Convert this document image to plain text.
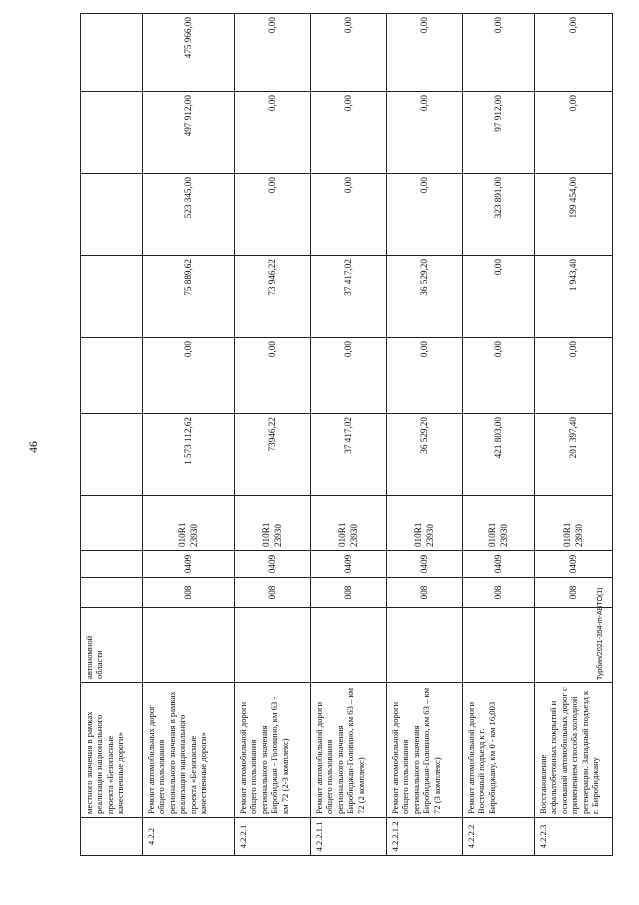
46
	местного значения в рамках реализации национального проекта «Безопасные качественные дороги»	автономной области									
4.2.2	Ремонт автомобильных дорог общего пользования регионального значения в рамках реализации национального проекта «Безопасные качественные дороги»		008	0409	010R1 23930	1 573 112,62	0,00	75 889,62	523 345,00	497 912,00	475 966,00
4.2.2.1	Ремонт автомобильной дороги общего пользования регионального значения Биробиджан - Головино, км 63 - км 72 (2-3 комплекс)		008	0409	010R1 23930	73946,22	0,00	73 946,22	0,00	0,00	0,00
4.2.2.1.1	Ремонт автомобильной дороги общего пользования регионального значения Биробиджан-Головино, км 63 – км 72 (2 комплекс)		008	0409	010R1 23930	37 417,02	0,00	37 417,02	0,00	0,00	0,00
4.2.2.1.2	Ремонт автомобильной дороги общего пользования регионального значения Биробиджан-Головино, км 63 – км 72 (3 комплекс)		008	0409	010R1 23930	36 529,20	0,00	36 529,20	0,00	0,00	0,00
4.2.2.2	Ремонт автомобильной дороги Восточный подъезд к г. Биробиджану, км 0 - км 16,003		008	0409	010R1 23930	421 803,00	0,00	0,00	323 891,00	97 912,00	0,00
4.2.2.3	Восстановление асфальтобетонных покрытий и оснований автомобильных дорог с применением способа холодной регенерации. Западный подъезд к г. Биробиджану		008	0409	010R1 23930	201 397,40	0,00	1 943,40	199 454,00	0,00	0,00
Турбин/2021-354-m-ABTO(1)
